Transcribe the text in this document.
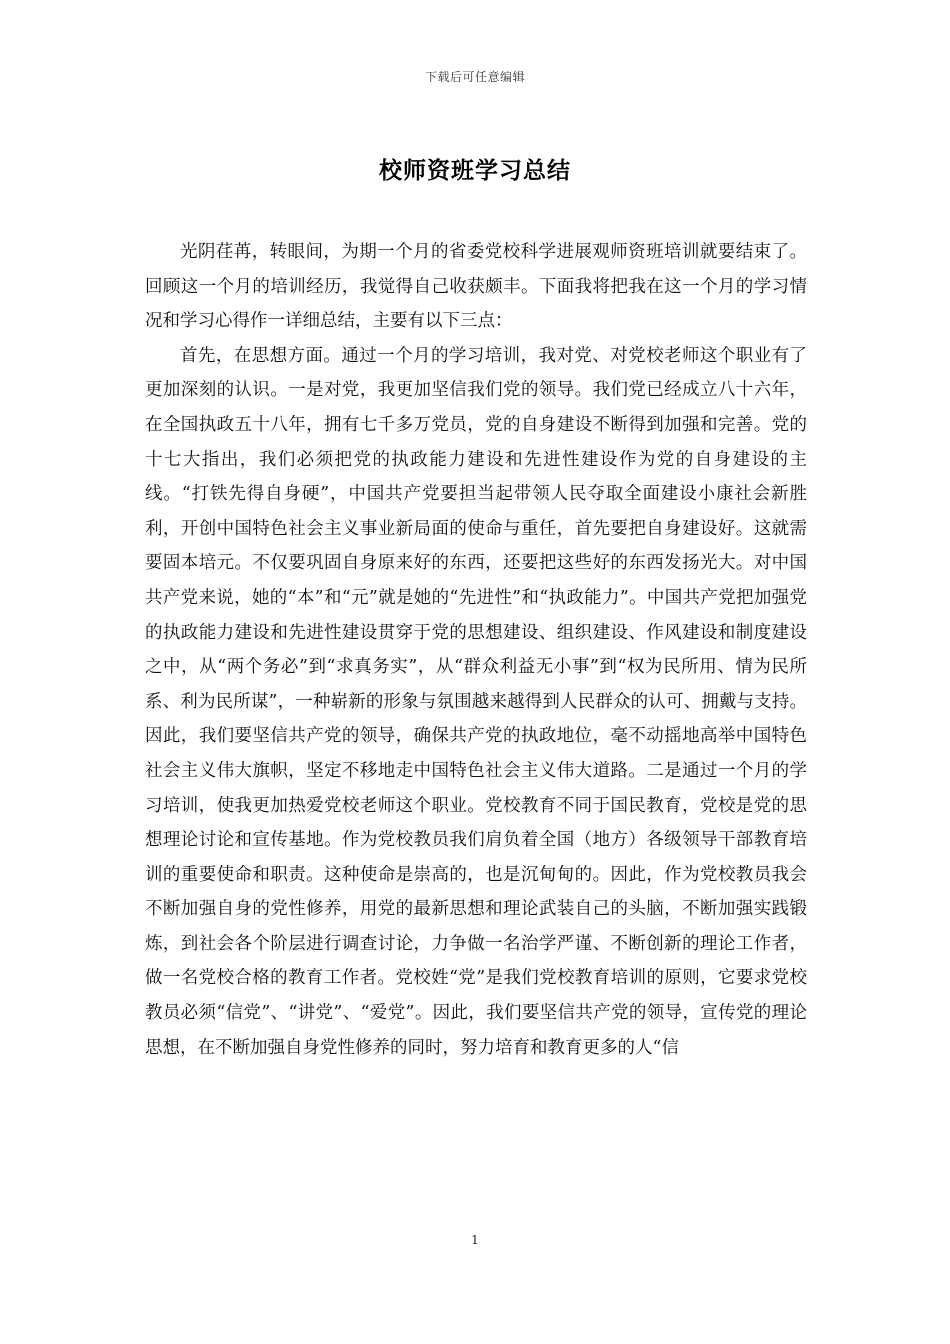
下载后可任意编辑
校师资班学习总结

光阴荏苒，转眼间，为期一个月的省委党校科学进展观师资班培训就要结束了。回顾这一个月的培训经历，我觉得自己收获颇丰。下面我将把我在这一个月的学习情况和学习心得作一详细总结，主要有以下三点：

首先，在思想方面。通过一个月的学习培训，我对党、对党校老师这个职业有了更加深刻的认识。一是对党，我更加坚信我们党的领导。我们党已经成立八十六年，在全国执政五十八年，拥有七千多万党员，党的自身建设不断得到加强和完善。党的十七大指出，我们必须把党的执政能力建设和先进性建设作为党的自身建设的主线。“打铁先得自身硬”，中国共产党要担当起带领人民夺取全面建设小康社会新胜利，开创中国特色社会主义事业新局面的使命与重任，首先要把自身建设好。这就需要固本培元。不仅要巩固自身原来好的东西，还要把这些好的东西发扬光大。对中国共产党来说，她的“本”和“元”就是她的“先进性”和“执政能力”。中国共产党把加强党的执政能力建设和先进性建设贯穿于党的思想建设、组织建设、作风建设和制度建设之中，从“两个务必”到“求真务实”，从“群众利益无小事”到“权为民所用、情为民所系、利为民所谋”，一种崭新的形象与氛围越来越得到人民群众的认可、拥戴与支持。因此，我们要坚信共产党的领导，确保共产党的执政地位，毫不动摇地高举中国特色社会主义伟大旗帜，坚定不移地走中国特色社会主义伟大道路。二是通过一个月的学习培训，使我更加热爱党校老师这个职业。党校教育不同于国民教育，党校是党的思想理论讨论和宣传基地。作为党校教员我们肩负着全国（地方）各级领导干部教育培训的重要使命和职责。这种使命是崇高的，也是沉甸甸的。因此，作为党校教员我会不断加强自身的党性修养，用党的最新思想和理论武装自己的头脑，不断加强实践锻炼，到社会各个阶层进行调查讨论，力争做一名治学严谨、不断创新的理论工作者，做一名党校合格的教育工作者。党校姓“党”是我们党校教育培训的原则，它要求党校教员必须“信党”、“讲党”、“爱党”。因此，我们要坚信共产党的领导，宣传党的理论思想，在不断加强自身党性修养的同时，努力培育和教育更多的人“信

1
